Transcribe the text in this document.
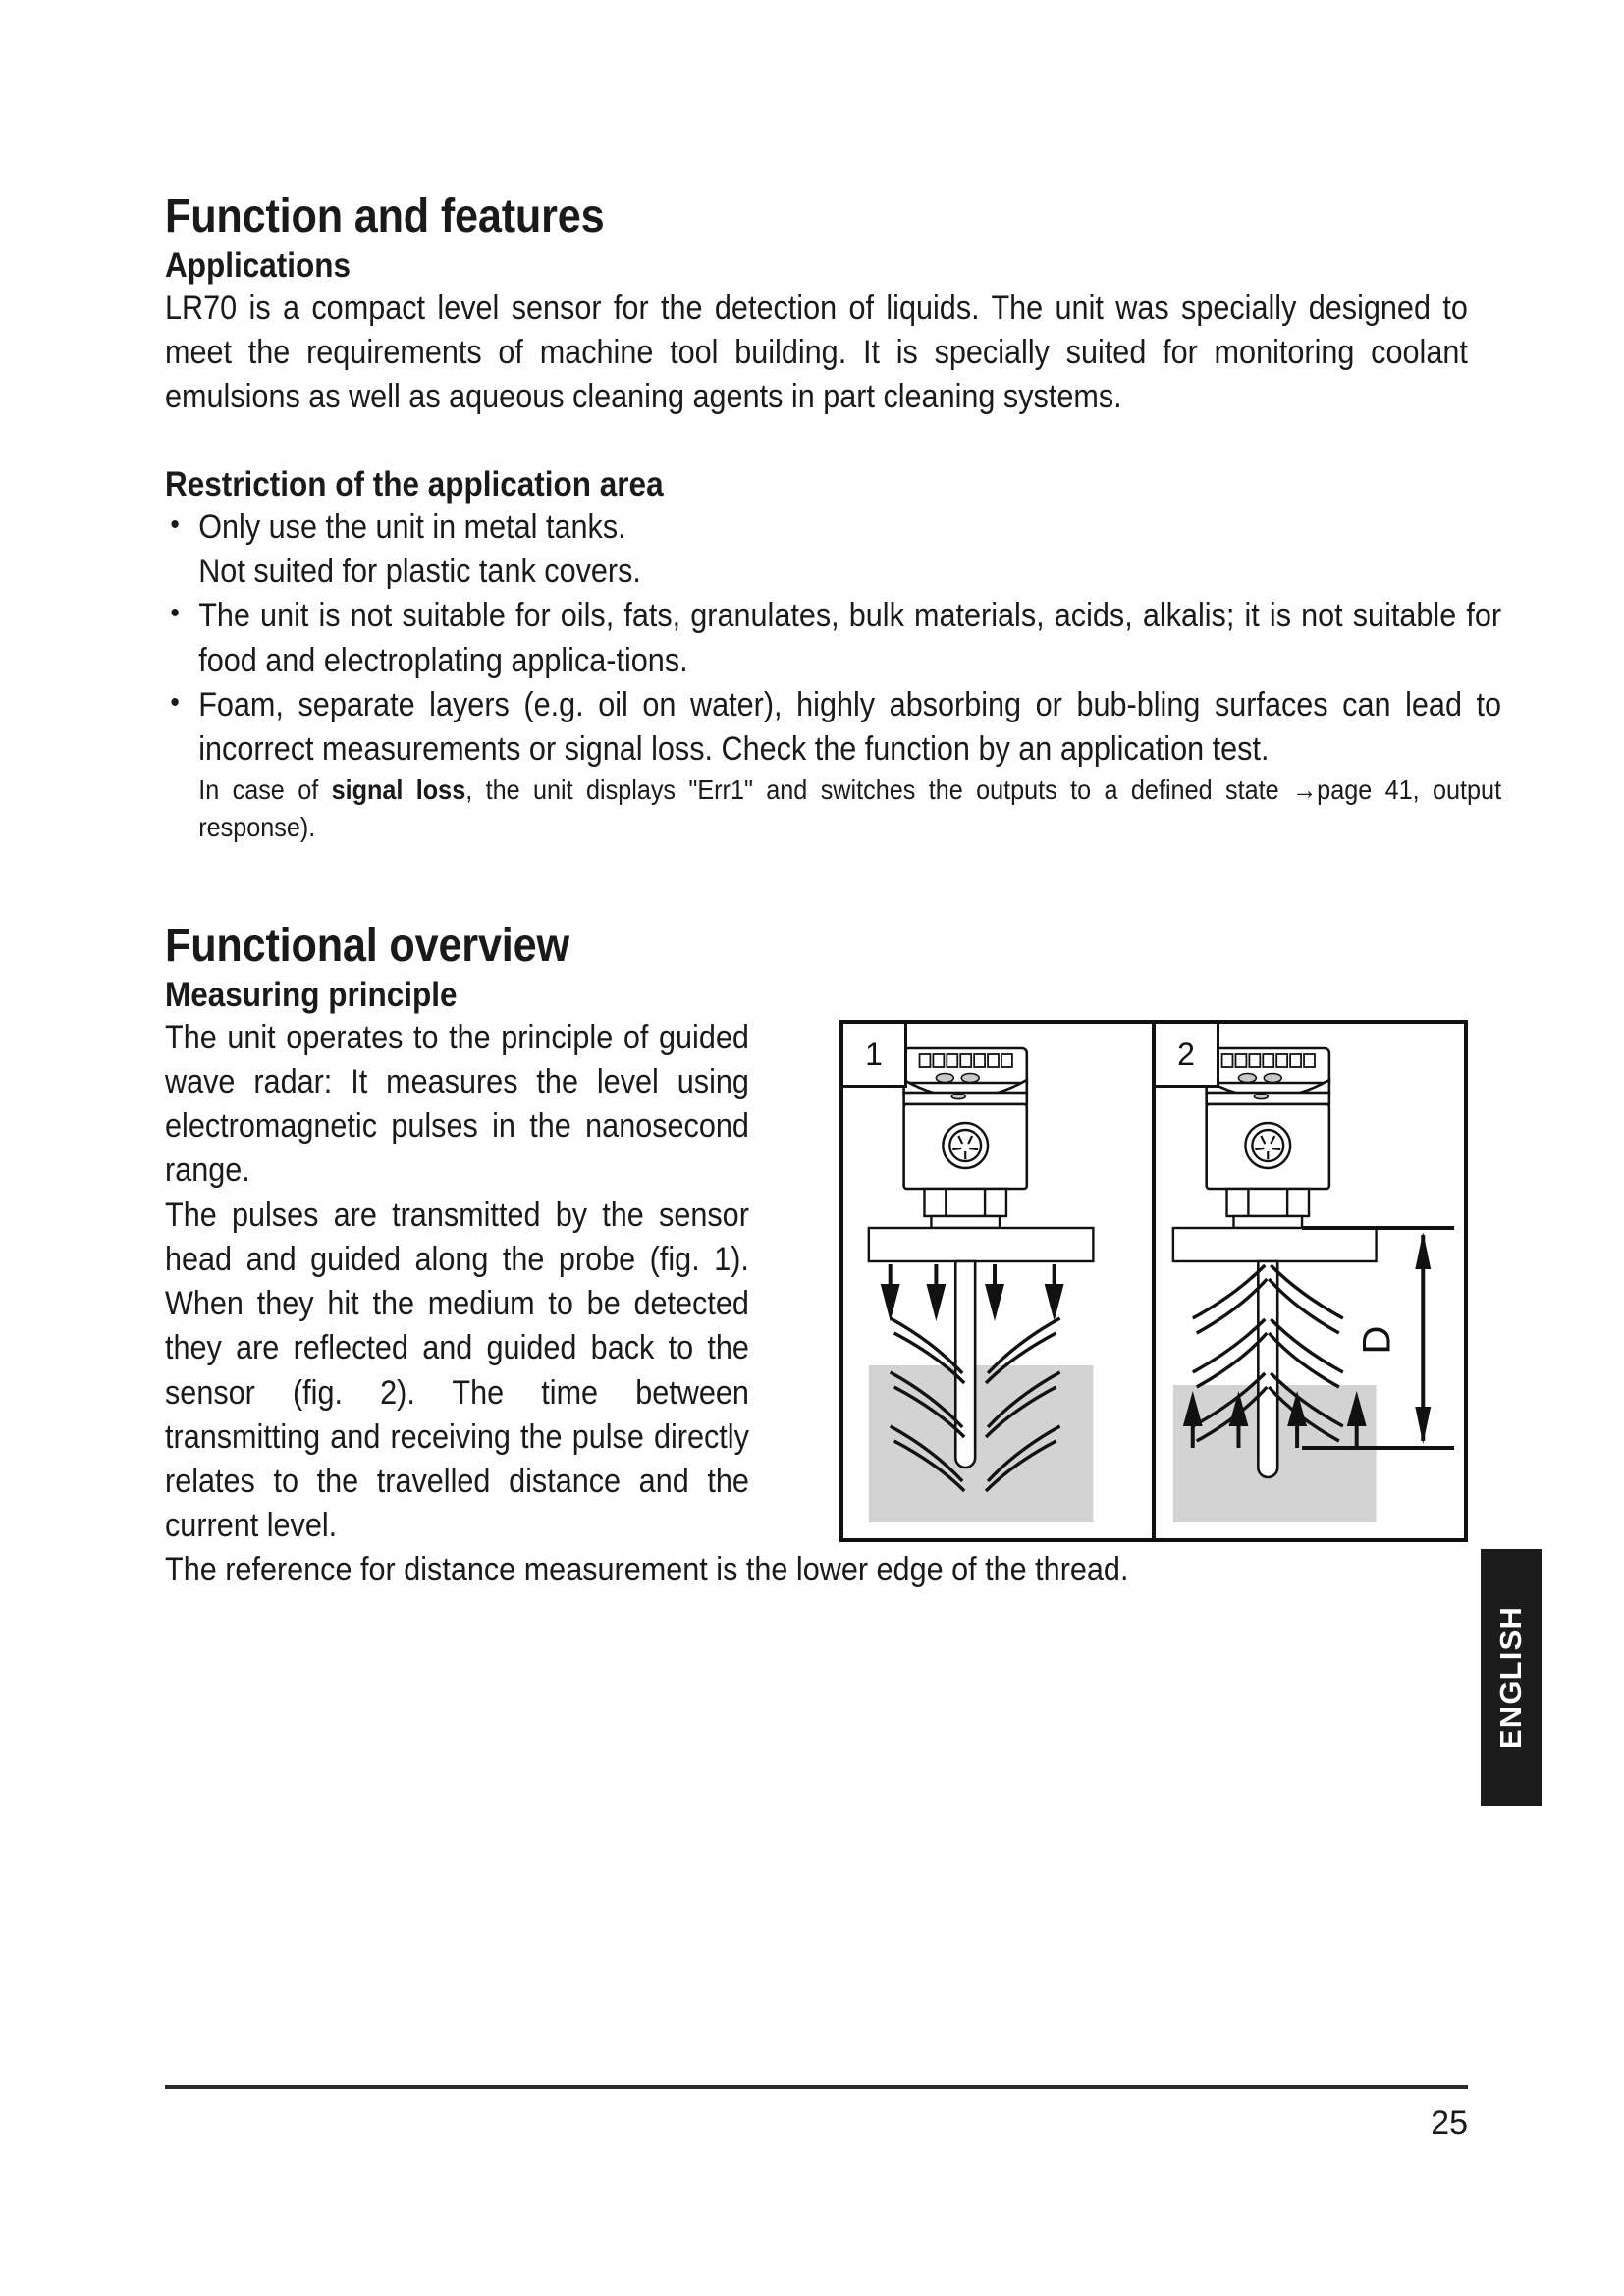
Function and features
Applications

LR70 is a compact level sensor for the detection of liquids. The unit was specially designed to meet the requirements of machine tool building. It is specially suited for monitoring coolant emulsions as well as aqueous cleaning agents in part cleaning systems.

Restriction of the application area
• Only use the unit in metal tanks.
Not suited for plastic tank covers.
• The unit is not suitable for oils, fats, granulates, bulk materials, acids, alkalis; it is not suitable for food and electroplating applica-tions.
• Foam, separate layers (e.g. oil on water), highly absorbing or bub-bling surfaces can lead to incorrect measurements or signal loss. Check the function by an application test.

In case of signal loss, the unit displays "Err1" and switches the outputs to a defined state →page 41, output response).

Functional overview
Measuring principle
1	2
D

The unit operates to the principle of guided wave radar: It measures the level using electromagnetic pulses in the nanosecond range.

The pulses are transmitted by the sensor head and guided along the probe (fig. 1). When they hit the medium to be detected they are reflected and guided back to the sensor (fig. 2). The time between transmitting and receiving the pulse directly relates to the travelled distance and the current level.

The reference for distance measurement is the lower edge of the thread.

ENGLISH
25
